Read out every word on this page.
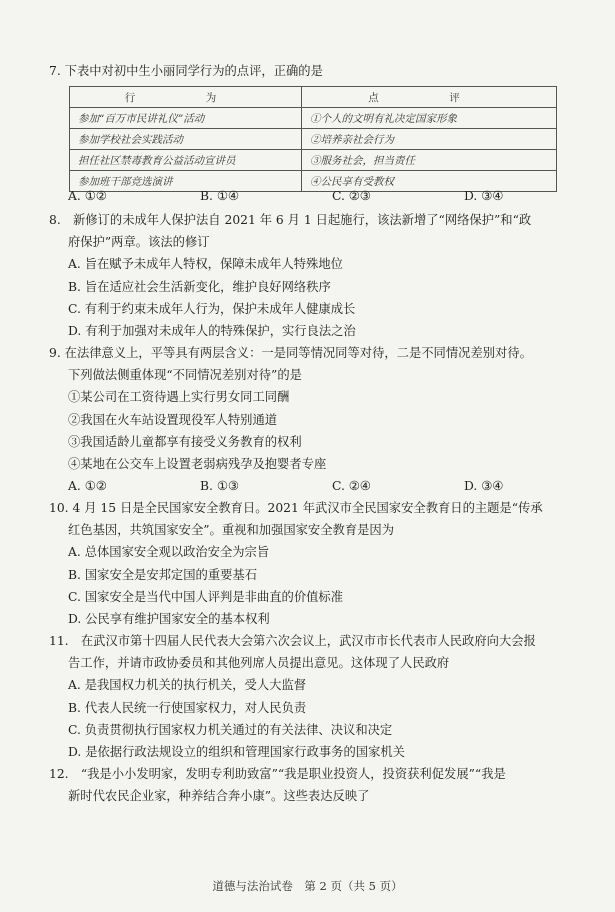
7. 下表中对初中生小丽同学行为的点评，正确的是
行　为	点　评
参加“百万市民讲礼仪”活动	①个人的文明有礼决定国家形象
参加学校社会实践活动	②培养亲社会行为
担任社区禁毒教育公益活动宣讲员	③服务社会，担当责任
参加班干部竞选演讲	④公民享有受教权
A. ①②	B. ①④	C. ②③	D. ③④
8.　新修订的未成年人保护法自 2021 年 6 月 1 日起施行，该法新增了“网络保护”和“政
府保护”两章。该法的修订
A. 旨在赋予未成年人特权，保障未成年人特殊地位
B. 旨在适应社会生活新变化，维护良好网络秩序
C. 有利于约束未成年人行为，保护未成年人健康成长
D. 有利于加强对未成年人的特殊保护，实行良法之治
9. 在法律意义上，平等具有两层含义：一是同等情况同等对待，二是不同情况差别对待。
下列做法侧重体现“不同情况差别对待”的是
①某公司在工资待遇上实行男女同工同酬
②我国在火车站设置现役军人特别通道
③我国适龄儿童都享有接受义务教育的权利
④某地在公交车上设置老弱病残孕及抱婴者专座
A. ①②	B. ①③	C. ②④	D. ③④
10. 4 月 15 日是全民国家安全教育日。2021 年武汉市全民国家安全教育日的主题是“传承
红色基因，共筑国家安全”。重视和加强国家安全教育是因为
A. 总体国家安全观以政治安全为宗旨
B. 国家安全是安邦定国的重要基石
C. 国家安全是当代中国人评判是非曲直的价值标准
D. 公民享有维护国家安全的基本权利
11.　在武汉市第十四届人民代表大会第六次会议上，武汉市市长代表市人民政府向大会报
告工作，并请市政协委员和其他列席人员提出意见。这体现了人民政府
A. 是我国权力机关的执行机关，受人大监督
B. 代表人民统一行使国家权力，对人民负责
C. 负责贯彻执行国家权力机关通过的有关法律、决议和决定
D. 是依据行政法规设立的组织和管理国家行政事务的国家机关
12.　“我是小小发明家，发明专利助致富”“我是职业投资人，投资获利促发展”“我是
新时代农民企业家，种养结合奔小康”。这些表达反映了
道德与法治试卷　第 2 页（共 5 页）
